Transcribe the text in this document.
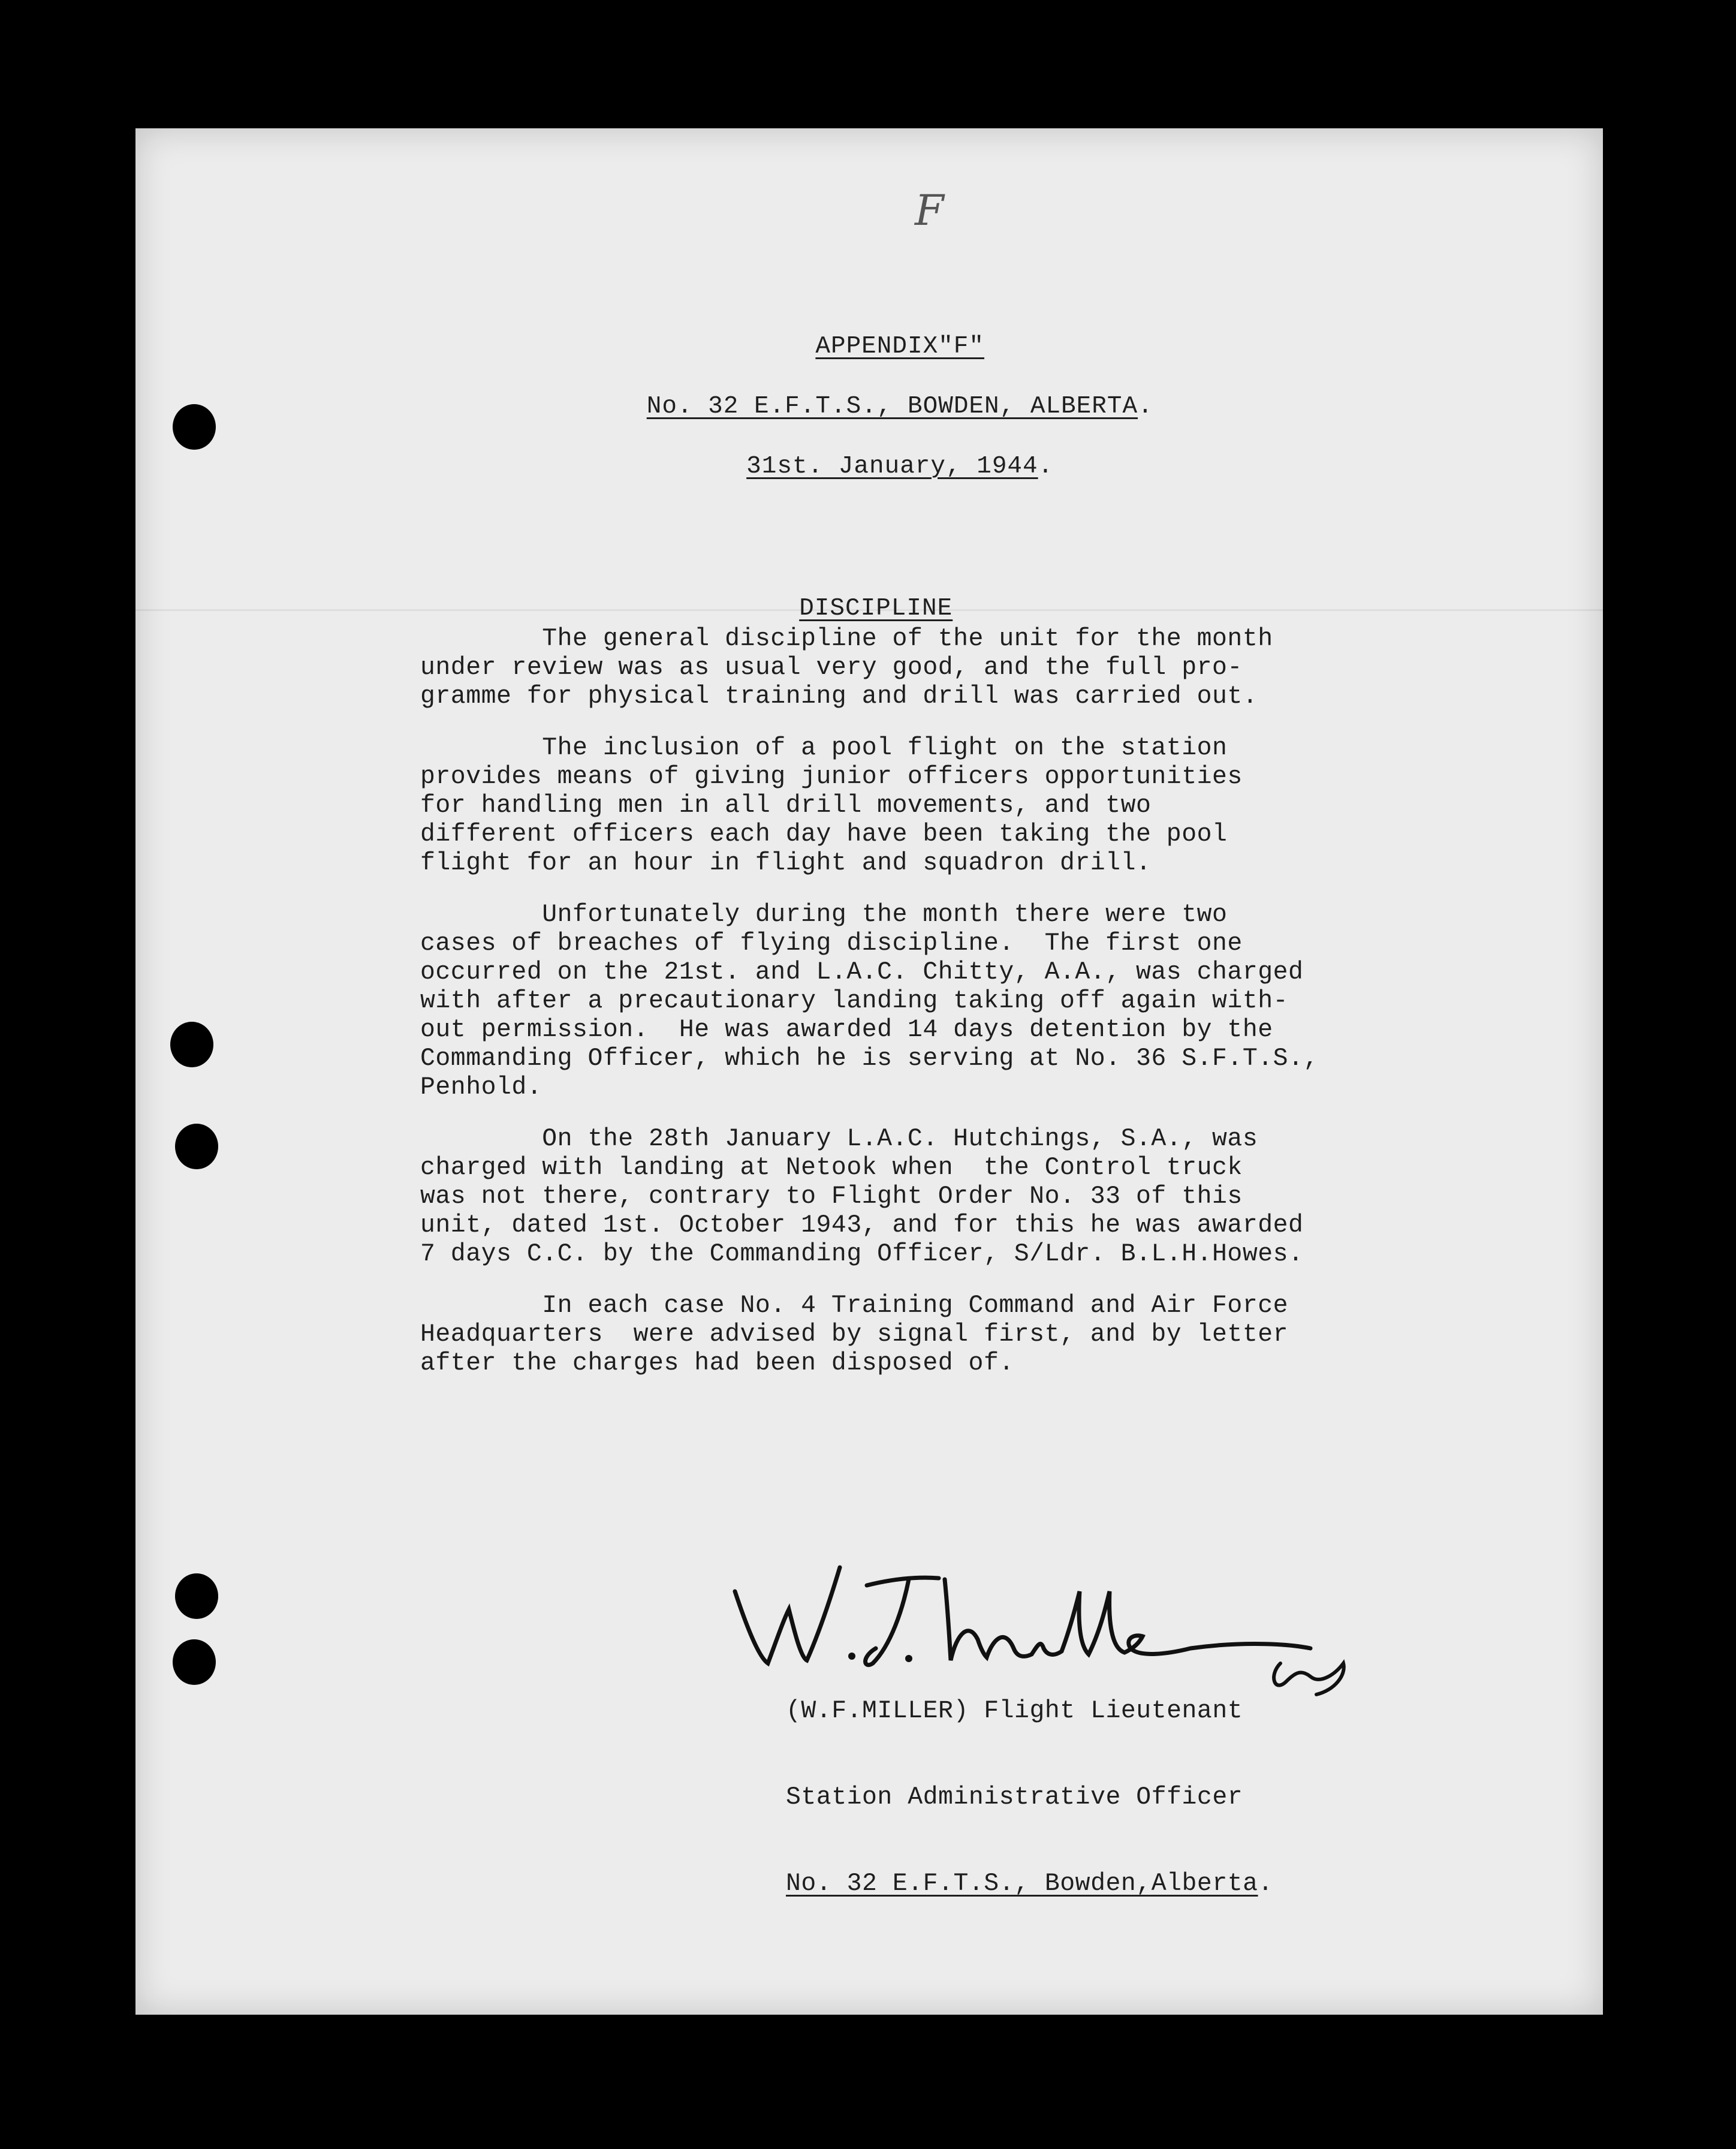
F

APPENDIX"F"

No. 32 E.F.T.S., BOWDEN, ALBERTA.

31st. January, 1944.

DISCIPLINE

The general discipline of the unit for the month
under review was as usual very good, and the full pro-
gramme for physical training and drill was carried out.

The inclusion of a pool flight on the station
provides means of giving junior officers opportunities
for handling men in all drill movements, and two
different officers each day have been taking the pool
flight for an hour in flight and squadron drill.

Unfortunately during the month there were two
cases of breaches of flying discipline.  The first one
occurred on the 21st. and L.A.C. Chitty, A.A., was charged
with after a precautionary landing taking off again with-
out permission.  He was awarded 14 days detention by the
Commanding Officer, which he is serving at No. 36 S.F.T.S.,
Penhold.

On the 28th January L.A.C. Hutchings, S.A., was
charged with landing at Netook when  the Control truck
was not there, contrary to Flight Order No. 33 of this
unit, dated 1st. October 1943, and for this he was awarded
7 days C.C. by the Commanding Officer, S/Ldr. B.L.H.Howes.

In each case No. 4 Training Command and Air Force
Headquarters  were advised by signal first, and by letter
after the charges had been disposed of.

(W.F.MILLER) Flight Lieutenant

Station Administrative Officer

No. 32 E.F.T.S., Bowden,Alberta.
